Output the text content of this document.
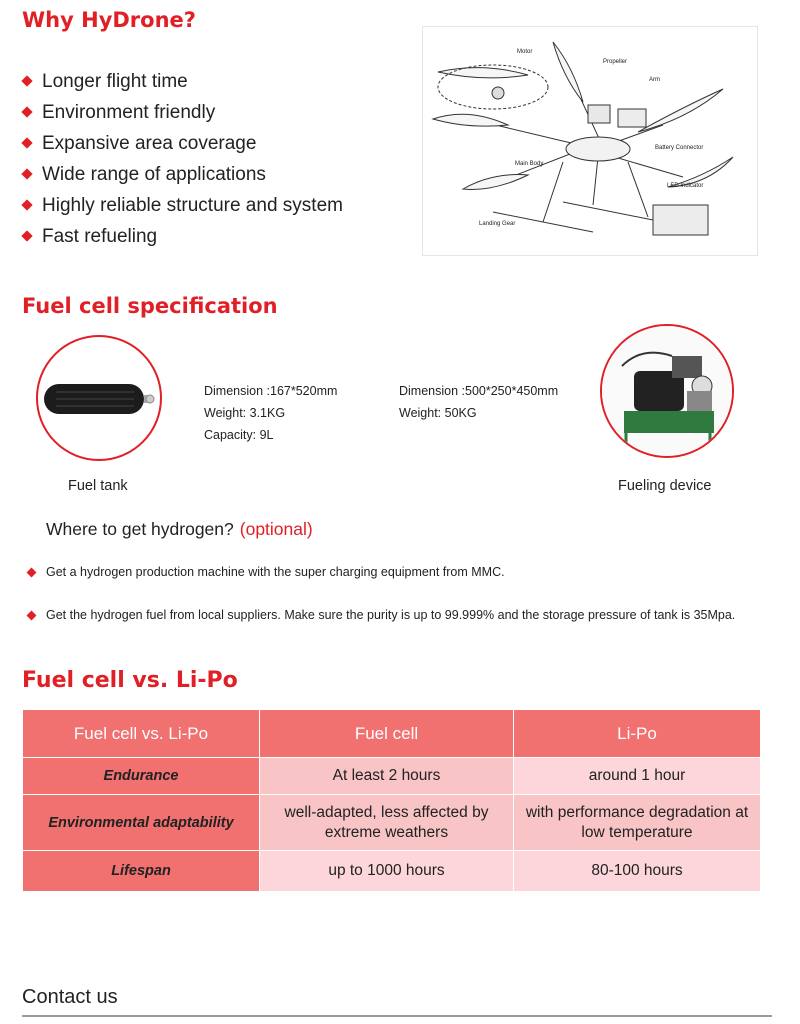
Why HyDrone?
Longer flight time
Environment friendly
Expansive area coverage
Wide range of applications
Highly reliable structure and system
Fast refueling
Motor
Propeller
Arm
Battery Connector
Main Body
LED Indicator
Landing Gear
Fuel cell specification
Fuel tank
Dimension :167*520mm
Weight: 3.1KG
Capacity: 9L
Dimension :500*250*450mm
Weight: 50KG
Fueling device
Where to get hydrogen? (optional)
Get a hydrogen production machine with the super charging equipment from MMC.
Get the hydrogen fuel from local suppliers. Make sure the purity is up to 99.999% and the storage pressure of tank is 35Mpa.
Fuel cell vs. Li-Po
Fuel cell vs. Li-Po	Fuel cell	Li-Po
Endurance	At least 2 hours	around 1 hour
Environmental adaptability	well-adapted, less affected by extreme weathers	with performance degradation at low temperature
Lifespan	up to 1000 hours	80-100 hours
Contact us
